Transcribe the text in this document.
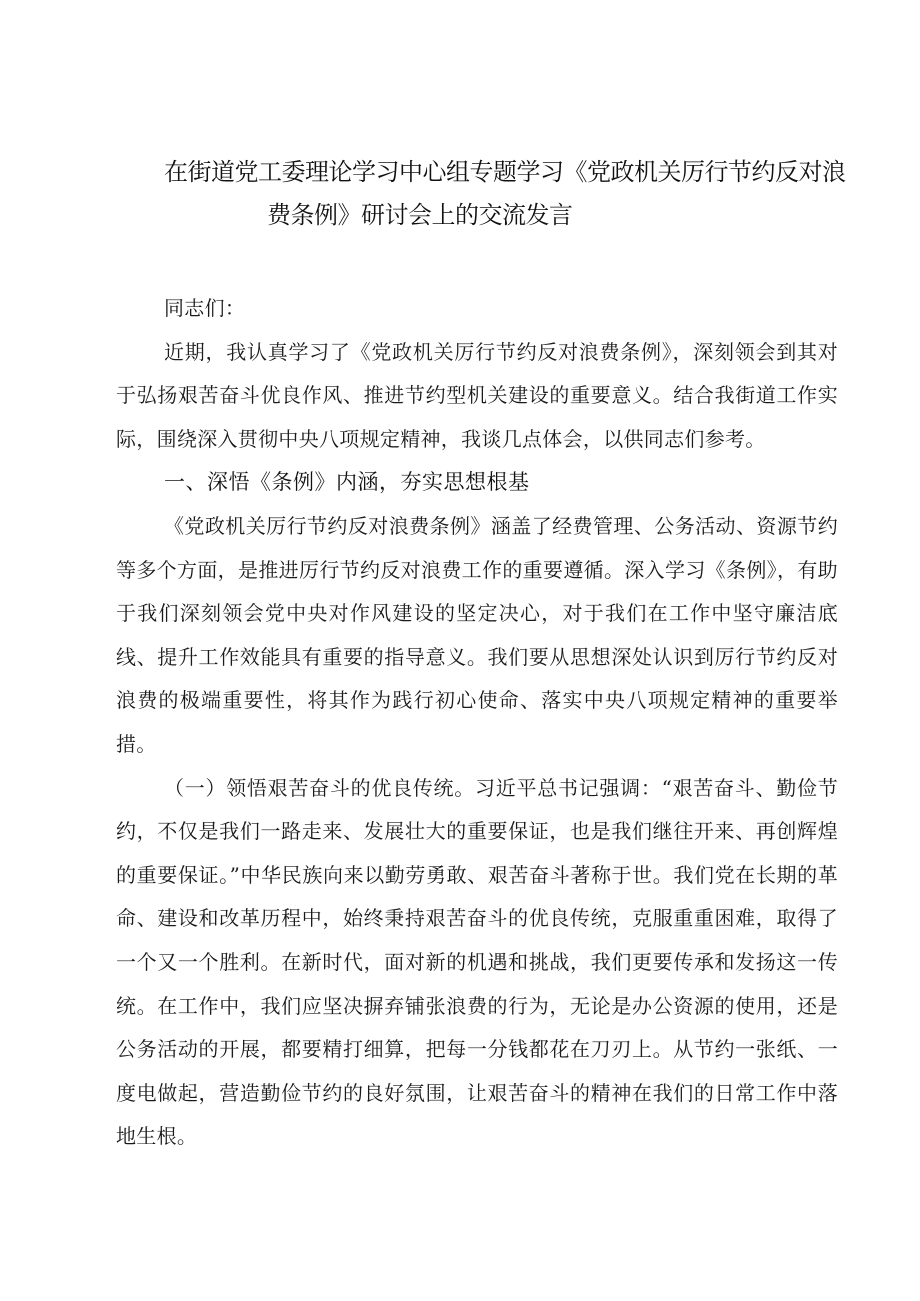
在街道党工委理论学习中心组专题学习《党政机关厉行节约反对浪
费条例》研讨会上的交流发言

同志们：

近期，我认真学习了《党政机关厉行节约反对浪费条例》，深刻领会到其对于弘扬艰苦奋斗优良作风、推进节约型机关建设的重要意义。结合我街道工作实际，围绕深入贯彻中央八项规定精神，我谈几点体会，以供同志们参考。

一、深悟《条例》内涵，夯实思想根基

《党政机关厉行节约反对浪费条例》涵盖了经费管理、公务活动、资源节约等多个方面，是推进厉行节约反对浪费工作的重要遵循。深入学习《条例》，有助于我们深刻领会党中央对作风建设的坚定决心，对于我们在工作中坚守廉洁底线、提升工作效能具有重要的指导意义。我们要从思想深处认识到厉行节约反对浪费的极端重要性，将其作为践行初心使命、落实中央八项规定精神的重要举措。

（一）领悟艰苦奋斗的优良传统。习近平总书记强调：“艰苦奋斗、勤俭节约，不仅是我们一路走来、发展壮大的重要保证，也是我们继往开来、再创辉煌的重要保证。”中华民族向来以勤劳勇敢、艰苦奋斗著称于世。我们党在长期的革命、建设和改革历程中，始终秉持艰苦奋斗的优良传统，克服重重困难，取得了一个又一个胜利。在新时代，面对新的机遇和挑战，我们更要传承和发扬这一传统。在工作中，我们应坚决摒弃铺张浪费的行为，无论是办公资源的使用，还是公务活动的开展，都要精打细算，把每一分钱都花在刀刃上。从节约一张纸、一度电做起，营造勤俭节约的良好氛围，让艰苦奋斗的精神在我们的日常工作中落地生根。
